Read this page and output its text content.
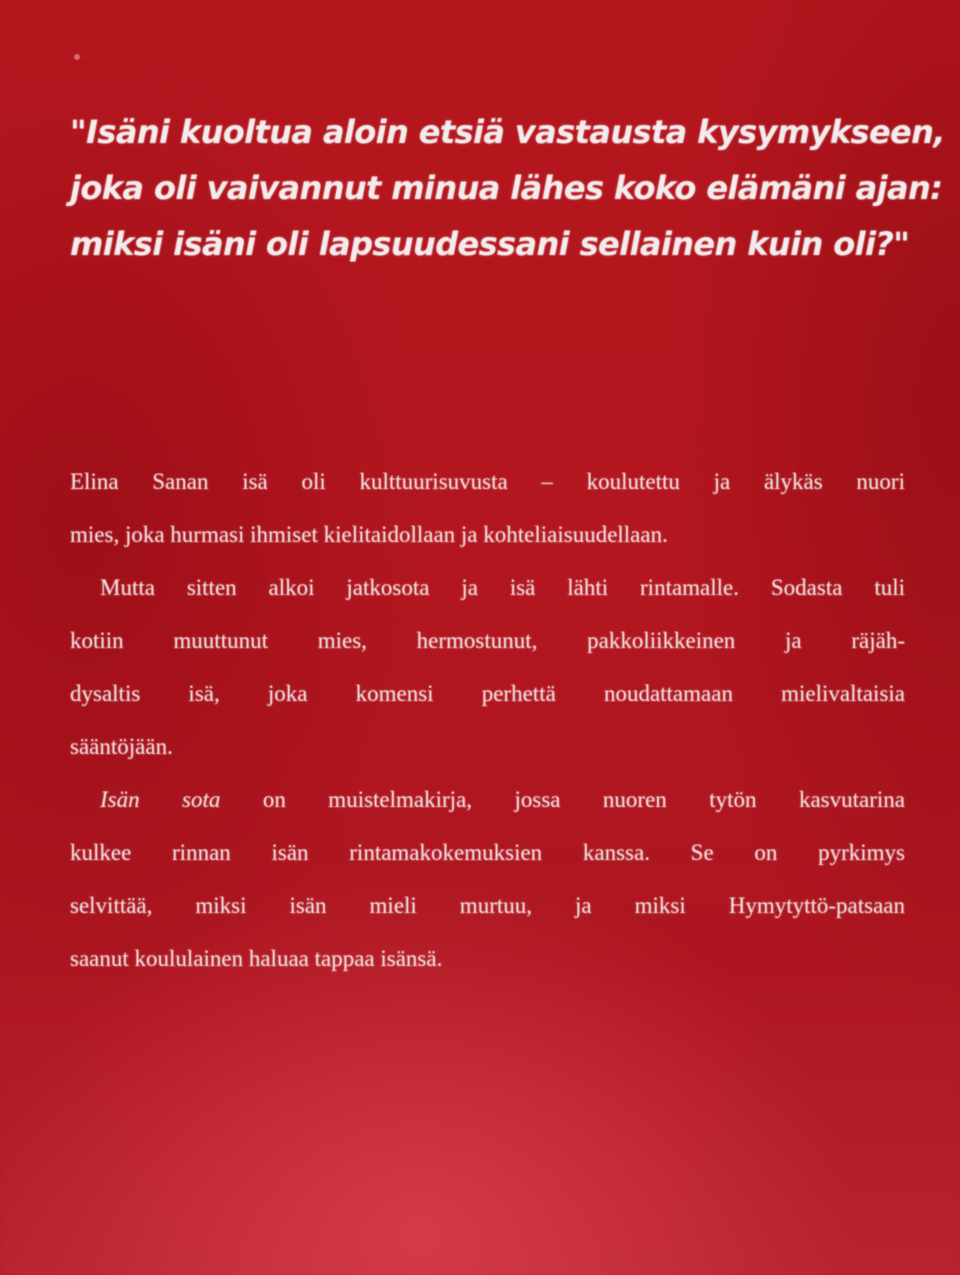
"Isäni kuoltua aloin etsiä vastausta kysymykseen,
joka oli vaivannut minua lähes koko elämäni ajan:
miksi isäni oli lapsuudessani sellainen kuin oli?"

Elina Sanan isä oli kulttuurisuvusta – koulutettu ja älykäs nuori
mies, joka hurmasi ihmiset kielitaidollaan ja kohteliaisuudellaan.

Mutta sitten alkoi jatkosota ja isä lähti rintamalle. Sodasta tuli
kotiin muuttunut mies, hermostunut, pakkoliikkeinen ja räjäh-
dysaltis isä, joka komensi perhettä noudattamaan mielivaltaisia
sääntöjään.

Isän sota on muistelmakirja, jossa nuoren tytön kasvutarina
kulkee rinnan isän rintamakokemuksien kanssa. Se on pyrkimys
selvittää, miksi isän mieli murtuu, ja miksi Hymytyttö-patsaan
saanut koululainen haluaa tappaa isänsä.
